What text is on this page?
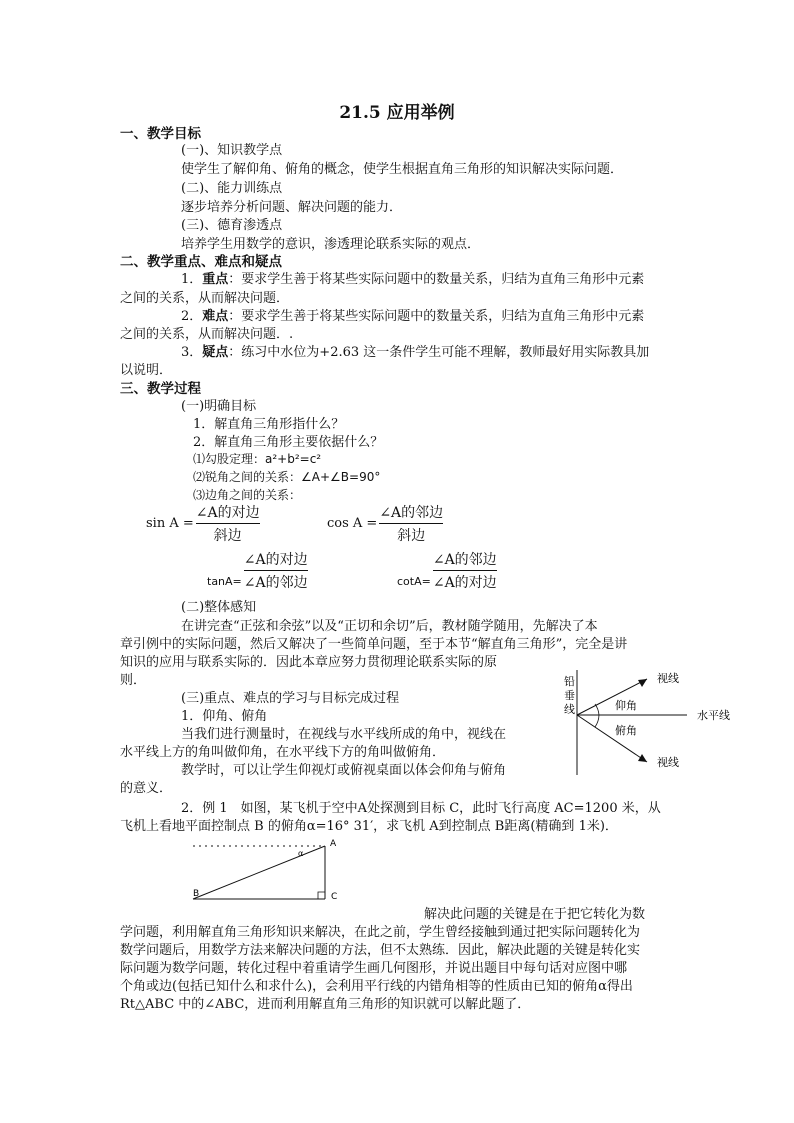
21.5 应用举例
一、教学目标
(一)、知识教学点
使学生了解仰角、俯角的概念，使学生根据直角三角形的知识解决实际问题．
(二)、能力训练点
逐步培养分析问题、解决问题的能力．
(三)、德育渗透点
培养学生用数学的意识，渗透理论联系实际的观点．
二、教学重点、难点和疑点
1．重点：要求学生善于将某些实际问题中的数量关系，归结为直角三角形中元素
之间的关系，从而解决问题．
2．难点：要求学生善于将某些实际问题中的数量关系，归结为直角三角形中元素
之间的关系，从而解决问题．.
3．疑点：练习中水位为+2.63 这一条件学生可能不理解，教师最好用实际教具加
以说明．
三、教学过程
(一)明确目标
1．解直角三角形指什么？
2．解直角三角形主要依据什么？
⑴勾股定理：a²+b²=c²
⑵锐角之间的关系：∠A+∠B=90°
⑶边角之间的关系：
$\sin A = \frac{\text{∠A的对边}}{\text{斜边}}$	$\cos A = \frac{\text{∠A的邻边}}{\text{斜边}}$
$\tan A= \frac{\text{∠A的对边}}{\text{∠A的邻边}}$	$\cot A= \frac{\text{∠A的邻边}}{\text{∠A的对边}}$
(二)整体感知
在讲完查“正弦和余弦”以及“正切和余切”后，教材随学随用，先解决了本
章引例中的实际问题，然后又解决了一些简单问题，至于本节“解直角三角形”，完全是讲
知识的应用与联系实际的．因此本章应努力贯彻理论联系实际的原
则．
(三)重点、难点的学习与目标完成过程
1．仰角、俯角
当我们进行测量时，在视线与水平线所成的角中，视线在
水平线上方的角叫做仰角，在水平线下方的角叫做俯角．
教学时，可以让学生仰视灯或俯视桌面以体会仰角与俯角
的意义．
铅
垂
线
视线
视线
水平线
仰角
俯角
2．例 1　如图，某飞机于空中A处探测到目标 C，此时飞行高度 AC=1200 米，从
飞机上看地平面控制点 B 的俯角α=16° 31′，求飞机 A到控制点 B距离(精确到 1米)．
A
B	C
α
解决此问题的关键是在于把它转化为数
学问题，利用解直角三角形知识来解决，在此之前，学生曾经接触到通过把实际问题转化为
数学问题后，用数学方法来解决问题的方法，但不太熟练．因此，解决此题的关键是转化实
际问题为数学问题，转化过程中着重请学生画几何图形，并说出题目中每句话对应图中哪
个角或边(包括已知什么和求什么)，会利用平行线的内错角相等的性质由已知的俯角α得出
Rt△ABC 中的∠ABC，进而利用解直角三角形的知识就可以解此题了．
